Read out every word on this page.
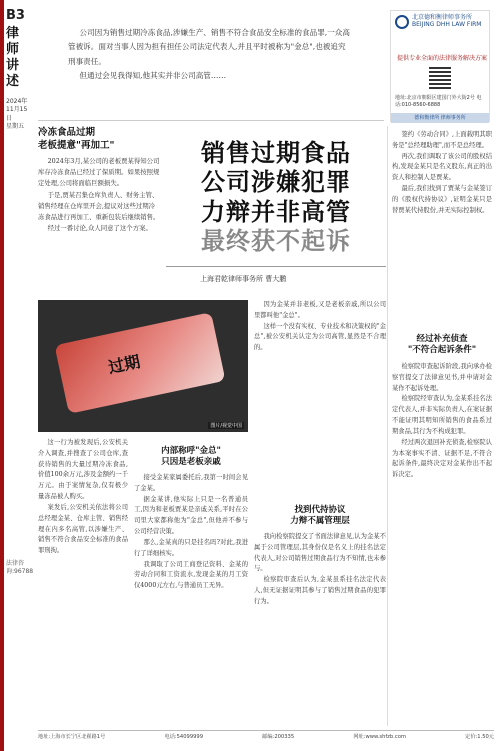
B3
律师讲述
2024年
11月15日
星期五
法律咨询:96788

公司因为销售过期冷冻食品,涉嫌生产、销售不符合食品安全标准的食品罪,一众高管被诉。面对当事人因为担有担任公司法定代表人,并且平时被称为"金总",也被追究刑事责任。

但通过会见我得知,他其实并非公司高管……

北京德和衡律师事务所
BEIJING DHH LAW FIRM
提供专业全面的法律服务解决方案
地址:北京市朝阳区建国门外大街2号 电话:010-8560-6888
德和衡律所 律师事务所
冷冻食品过期
老板提意"再加工"

2024年3月,某公司的老板贾某得知公司库存冷冻食品已经过了保质期。如果按照规定处理,公司将面临巨额损失。

于是,贾某召集仓库负责人、财务主管、销售经理在仓库里开会,提议对这些过期冷冻食品进行再加工、重新包装后继续销售。

经过一番讨论,众人同意了这个方案。

销售过期食品
公司涉嫌犯罪
力辩并非高管
最终获不起诉
上海君乾律师事务所 曹大鹏
过期
图片/视觉中国

这一行为被发现后,公安机关介入调查,并搜查了公司仓库,查获待销售的大量过期冷冻食品,价值100余万元,涉及金额约一千万元。由于案情复杂,仅有极少量冻品被人购买。

案发后,公安机关依法将公司总经理金某、仓库主管、销售经理在内多名高管,以涉嫌生产、销售不符合食品安全标准的食品罪刑拘。

内部称呼"金总"
只因是老板亲戚

接受金某家属委托后,我第一时间会见了金某。

据金某讲,他实际上只是一名普通员工,因为和老板贾某是亲戚关系,平时在公司里大家都称他为"金总",但他并不参与公司经营决策。

那么,金某真的只是挂名吗?对此,我进行了详细核实。

我调取了公司工商登记资料、金某的劳动合同和工资流水,发现金某的月工资仅4000元左右,与普通员工无异。

因为金某并非老板,又是老板亲戚,所以公司里都叫他"金总"。

这样一个没有实权、专业技术和决策权的"金总",被公安机关认定为公司高管,显然是不合理的。

找到代持协议
力辩不属管理层

我向检察院提交了书面法律意见,认为金某不属于公司管理层,其身份仅是名义上的挂名法定代表人,对公司销售过期食品行为不知情,也未参与。

检察院审查后认为,金某虽系挂名法定代表人,但无证据证明其参与了销售过期食品的犯罪行为。

签约《劳动合同》,上面载明其职务是"总经理助理",而不是总经理。

再次,我们调取了该公司的股权结构,发现金某只是名义股东,真正的出资人和控制人是贾某。

最后,我们找到了贾某与金某签订的《股权代持协议》,证明金某只是替贾某代持股份,并无实际控制权。

经过补充侦查
"不符合起诉条件"

检察院审查起诉阶段,我向承办检察官提交了法律意见书,并申请对金某作不起诉处理。

检察院经审查认为,金某系挂名法定代表人,并非实际负责人,在案证据不能证明其明知所销售的食品系过期食品,其行为不构成犯罪。

经过两次退回补充侦查,检察院认为本案事实不清、证据不足,不符合起诉条件,最终决定对金某作出不起诉决定。

地址:上海市长宁区北翟路1号	电话:54099999	邮编:200335	网址:www.shfzb.com	定价:1.50元
